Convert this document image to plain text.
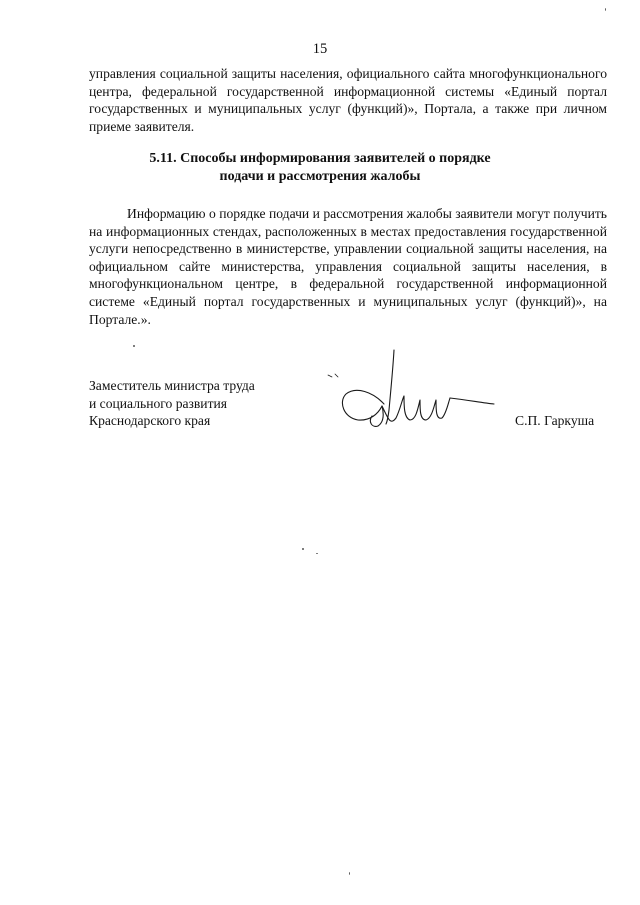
15

управления социальной защиты населения, официального сайта многофункционального центра, федеральной государственной информационной системы «Единый портал государственных и муниципальных услуг (функций)», Портала, а также при личном приеме заявителя.

5.11. Способы информирования заявителей о порядке
подачи и рассмотрения жалобы

Информацию о порядке подачи и рассмотрения жалобы заявители могут получить на информационных стендах, расположенных в местах предоставления государственной услуги непосредственно в министерстве, управлении социальной защиты населения, на официальном сайте министерства, управления социальной защиты населения, в многофункциональном центре, в федеральной государственной информационной системе «Единый портал государственных и муниципальных услуг (функций)», на Портале.».

Заместитель министра труда
и социального развития
Краснодарского края	С.П. Гаркуша
